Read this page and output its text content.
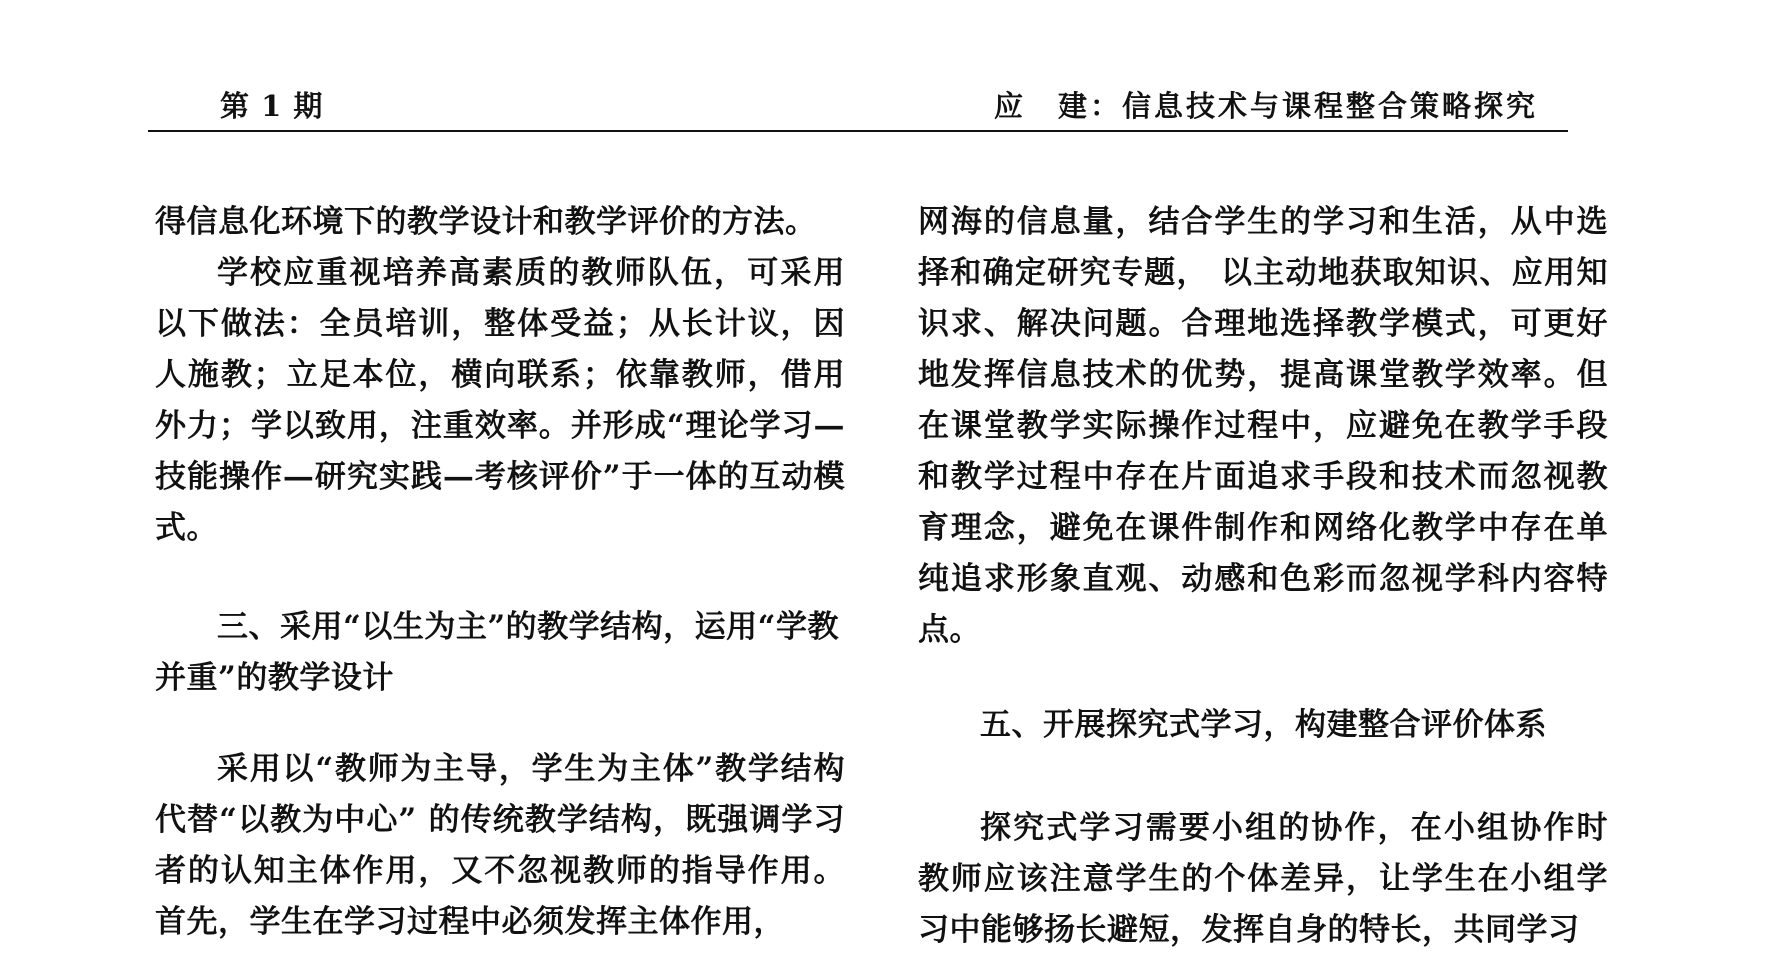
第 1 期	应　建：信息技术与课程整合策略探究

得信息化环境下的教学设计和教学评价的方法。

学校应重视培养高素质的教师队伍，可采用以下做法：全员培训，整体受益；从长计议，因人施教；立足本位，横向联系；依靠教师，借用外力；学以致用，注重效率。并形成“理论学习—技能操作—研究实践—考核评价”于一体的互动模式。

三、采用“以生为主”的教学结构，运用“学教并重”的教学设计

采用以“教师为主导，学生为主体”教学结构代替“以教为中心” 的传统教学结构，既强调学习者的认知主体作用，又不忽视教师的指导作用。首先，学生在学习过程中必须发挥主体作用，

网海的信息量，结合学生的学习和生活，从中选择和确定研究专题， 以主动地获取知识、应用知识求、解决问题。合理地选择教学模式，可更好地发挥信息技术的优势，提高课堂教学效率。但在课堂教学实际操作过程中，应避免在教学手段和教学过程中存在片面追求手段和技术而忽视教育理念，避免在课件制作和网络化教学中存在单纯追求形象直观、动感和色彩而忽视学科内容特点。

五、开展探究式学习，构建整合评价体系

探究式学习需要小组的协作，在小组协作时教师应该注意学生的个体差异，让学生在小组学习中能够扬长避短，发挥自身的特长，共同学习
